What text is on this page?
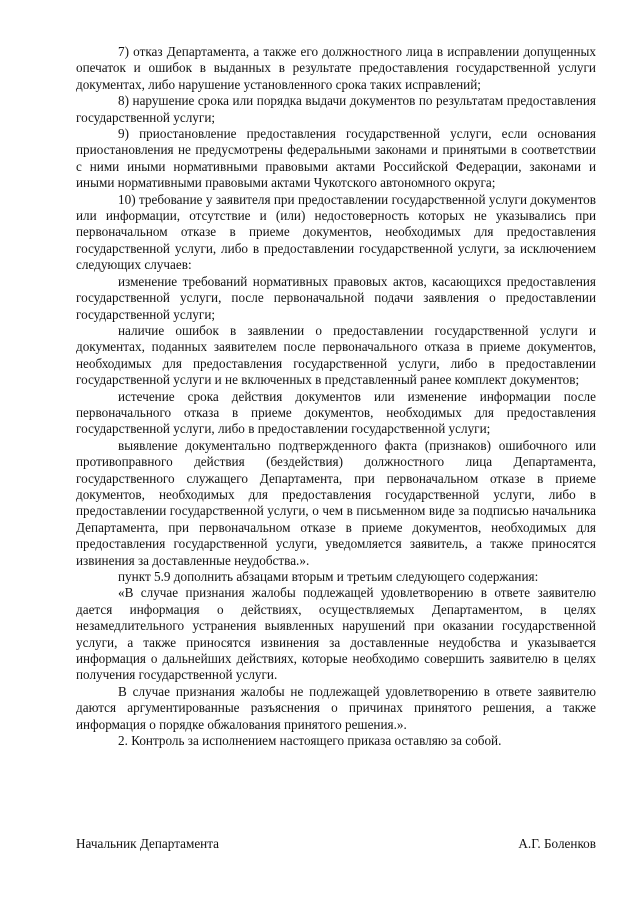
7) отказ Департамента, а также его должностного лица в исправлении допущенных опечаток и ошибок в выданных в результате предоставления государственной услуги документах, либо нарушение установленного срока таких исправлений;

8) нарушение срока или порядка выдачи документов по результатам предоставления государственной услуги;

9) приостановление предоставления государственной услуги, если основания приостановления не предусмотрены федеральными законами и принятыми в соответствии с ними иными нормативными правовыми актами Российской Федерации, законами и иными нормативными правовыми актами Чукотского автономного округа;

10) требование у заявителя при предоставлении государственной услуги документов или информации, отсутствие и (или) недостоверность которых не указывались при первоначальном отказе в приеме документов, необходимых для предоставления государственной услуги, либо в предоставлении государственной услуги, за исключением следующих случаев:

изменение требований нормативных правовых актов, касающихся предоставления государственной услуги, после первоначальной подачи заявления о предоставлении государственной услуги;

наличие ошибок в заявлении о предоставлении государственной услуги и документах, поданных заявителем после первоначального отказа в приеме документов, необходимых для предоставления государственной услуги, либо в предоставлении государственной услуги и не включенных в представленный ранее комплект документов;

истечение срока действия документов или изменение информации после первоначального отказа в приеме документов, необходимых для предоставления государственной услуги, либо в предоставлении государственной услуги;

выявление документально подтвержденного факта (признаков) ошибочного или противоправного действия (бездействия) должностного лица Департамента, государственного служащего Департамента, при первоначальном отказе в приеме документов, необходимых для предоставления государственной услуги, либо в предоставлении государственной услуги, о чем в письменном виде за подписью начальника Департамента, при первоначальном отказе в приеме документов, необходимых для предоставления государственной услуги, уведомляется заявитель, а также приносятся извинения за доставленные неудобства.».

пункт 5.9 дополнить абзацами вторым и третьим следующего содержания:

«В случае признания жалобы подлежащей удовлетворению в ответе заявителю дается информация о действиях, осуществляемых Департаментом, в целях незамедлительного устранения выявленных нарушений при оказании государственной услуги, а также приносятся извинения за доставленные неудобства и указывается информация о дальнейших действиях, которые необходимо совершить заявителю в целях получения государственной услуги.

В случае признания жалобы не подлежащей удовлетворению в ответе заявителю даются аргументированные разъяснения о причинах принятого решения, а также информация о порядке обжалования принятого решения.».

2. Контроль за исполнением настоящего приказа оставляю за собой.

Начальник Департамента	А.Г. Боленков
